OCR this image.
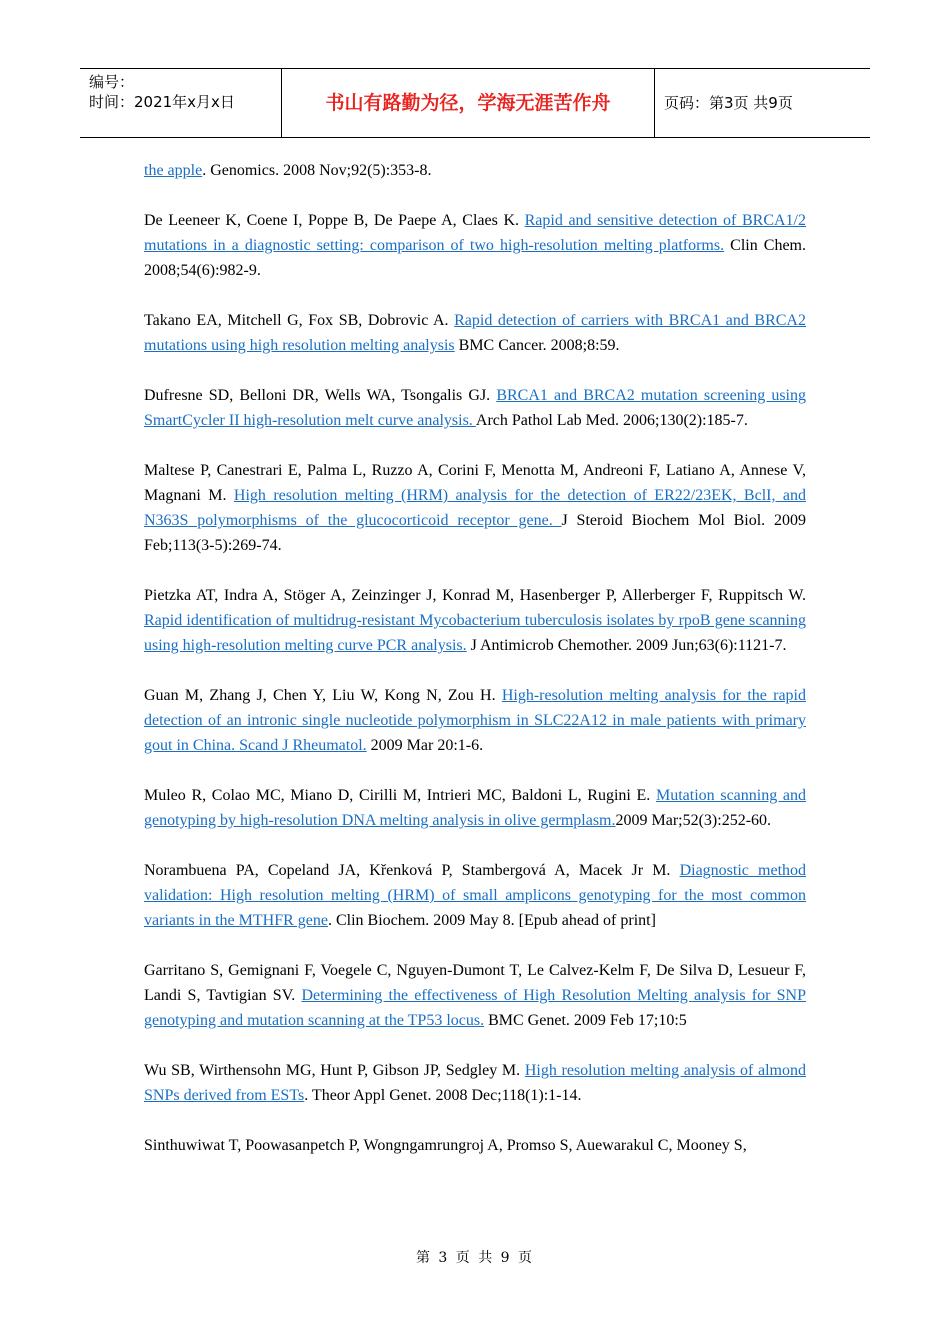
编号：
时间：2021年x月x日	书山有路勤为径，学海无涯苦作舟	页码：第3页 共9页

the apple. Genomics. 2008 Nov;92(5):353-8.

De Leeneer K, Coene I, Poppe B, De Paepe A, Claes K. Rapid and sensitive detection of BRCA1/2 mutations in a diagnostic setting: comparison of two high-resolution melting platforms. Clin Chem. 2008;54(6):982-9.

Takano EA, Mitchell G, Fox SB, Dobrovic A. Rapid detection of carriers with BRCA1 and BRCA2 mutations using high resolution melting analysis BMC Cancer. 2008;8:59.

Dufresne SD, Belloni DR, Wells WA, Tsongalis GJ. BRCA1 and BRCA2 mutation screening using SmartCycler II high-resolution melt curve analysis. Arch Pathol Lab Med. 2006;130(2):185-7.

Maltese P, Canestrari E, Palma L, Ruzzo A, Corini F, Menotta M, Andreoni F, Latiano A, Annese V, Magnani M. High resolution melting (HRM) analysis for the detection of ER22/23EK, BclI, and N363S polymorphisms of the glucocorticoid receptor gene. J Steroid Biochem Mol Biol. 2009 Feb;113(3-5):269-74.

Pietzka AT, Indra A, Stöger A, Zeinzinger J, Konrad M, Hasenberger P, Allerberger F, Ruppitsch W. Rapid identification of multidrug-resistant Mycobacterium tuberculosis isolates by rpoB gene scanning using high-resolution melting curve PCR analysis. J Antimicrob Chemother. 2009 Jun;63(6):1121-7.

Guan M, Zhang J, Chen Y, Liu W, Kong N, Zou H. High-resolution melting analysis for the rapid detection of an intronic single nucleotide polymorphism in SLC22A12 in male patients with primary gout in China. Scand J Rheumatol. 2009 Mar 20:1-6.

Muleo R, Colao MC, Miano D, Cirilli M, Intrieri MC, Baldoni L, Rugini E. Mutation scanning and genotyping by high-resolution DNA melting analysis in olive germplasm.2009 Mar;52(3):252-60.

Norambuena PA, Copeland JA, Křenková P, Stambergová A, Macek Jr M. Diagnostic method validation: High resolution melting (HRM) of small amplicons genotyping for the most common variants in the MTHFR gene. Clin Biochem. 2009 May 8. [Epub ahead of print]

Garritano S, Gemignani F, Voegele C, Nguyen-Dumont T, Le Calvez-Kelm F, De Silva D, Lesueur F, Landi S, Tavtigian SV. Determining the effectiveness of High Resolution Melting analysis for SNP genotyping and mutation scanning at the TP53 locus. BMC Genet. 2009 Feb 17;10:5

Wu SB, Wirthensohn MG, Hunt P, Gibson JP, Sedgley M. High resolution melting analysis of almond SNPs derived from ESTs. Theor Appl Genet. 2008 Dec;118(1):1-14.

Sinthuwiwat T, Poowasanpetch P, Wongngamrungroj A, Promso S, Auewarakul C, Mooney S,

第 3 页 共 9 页
